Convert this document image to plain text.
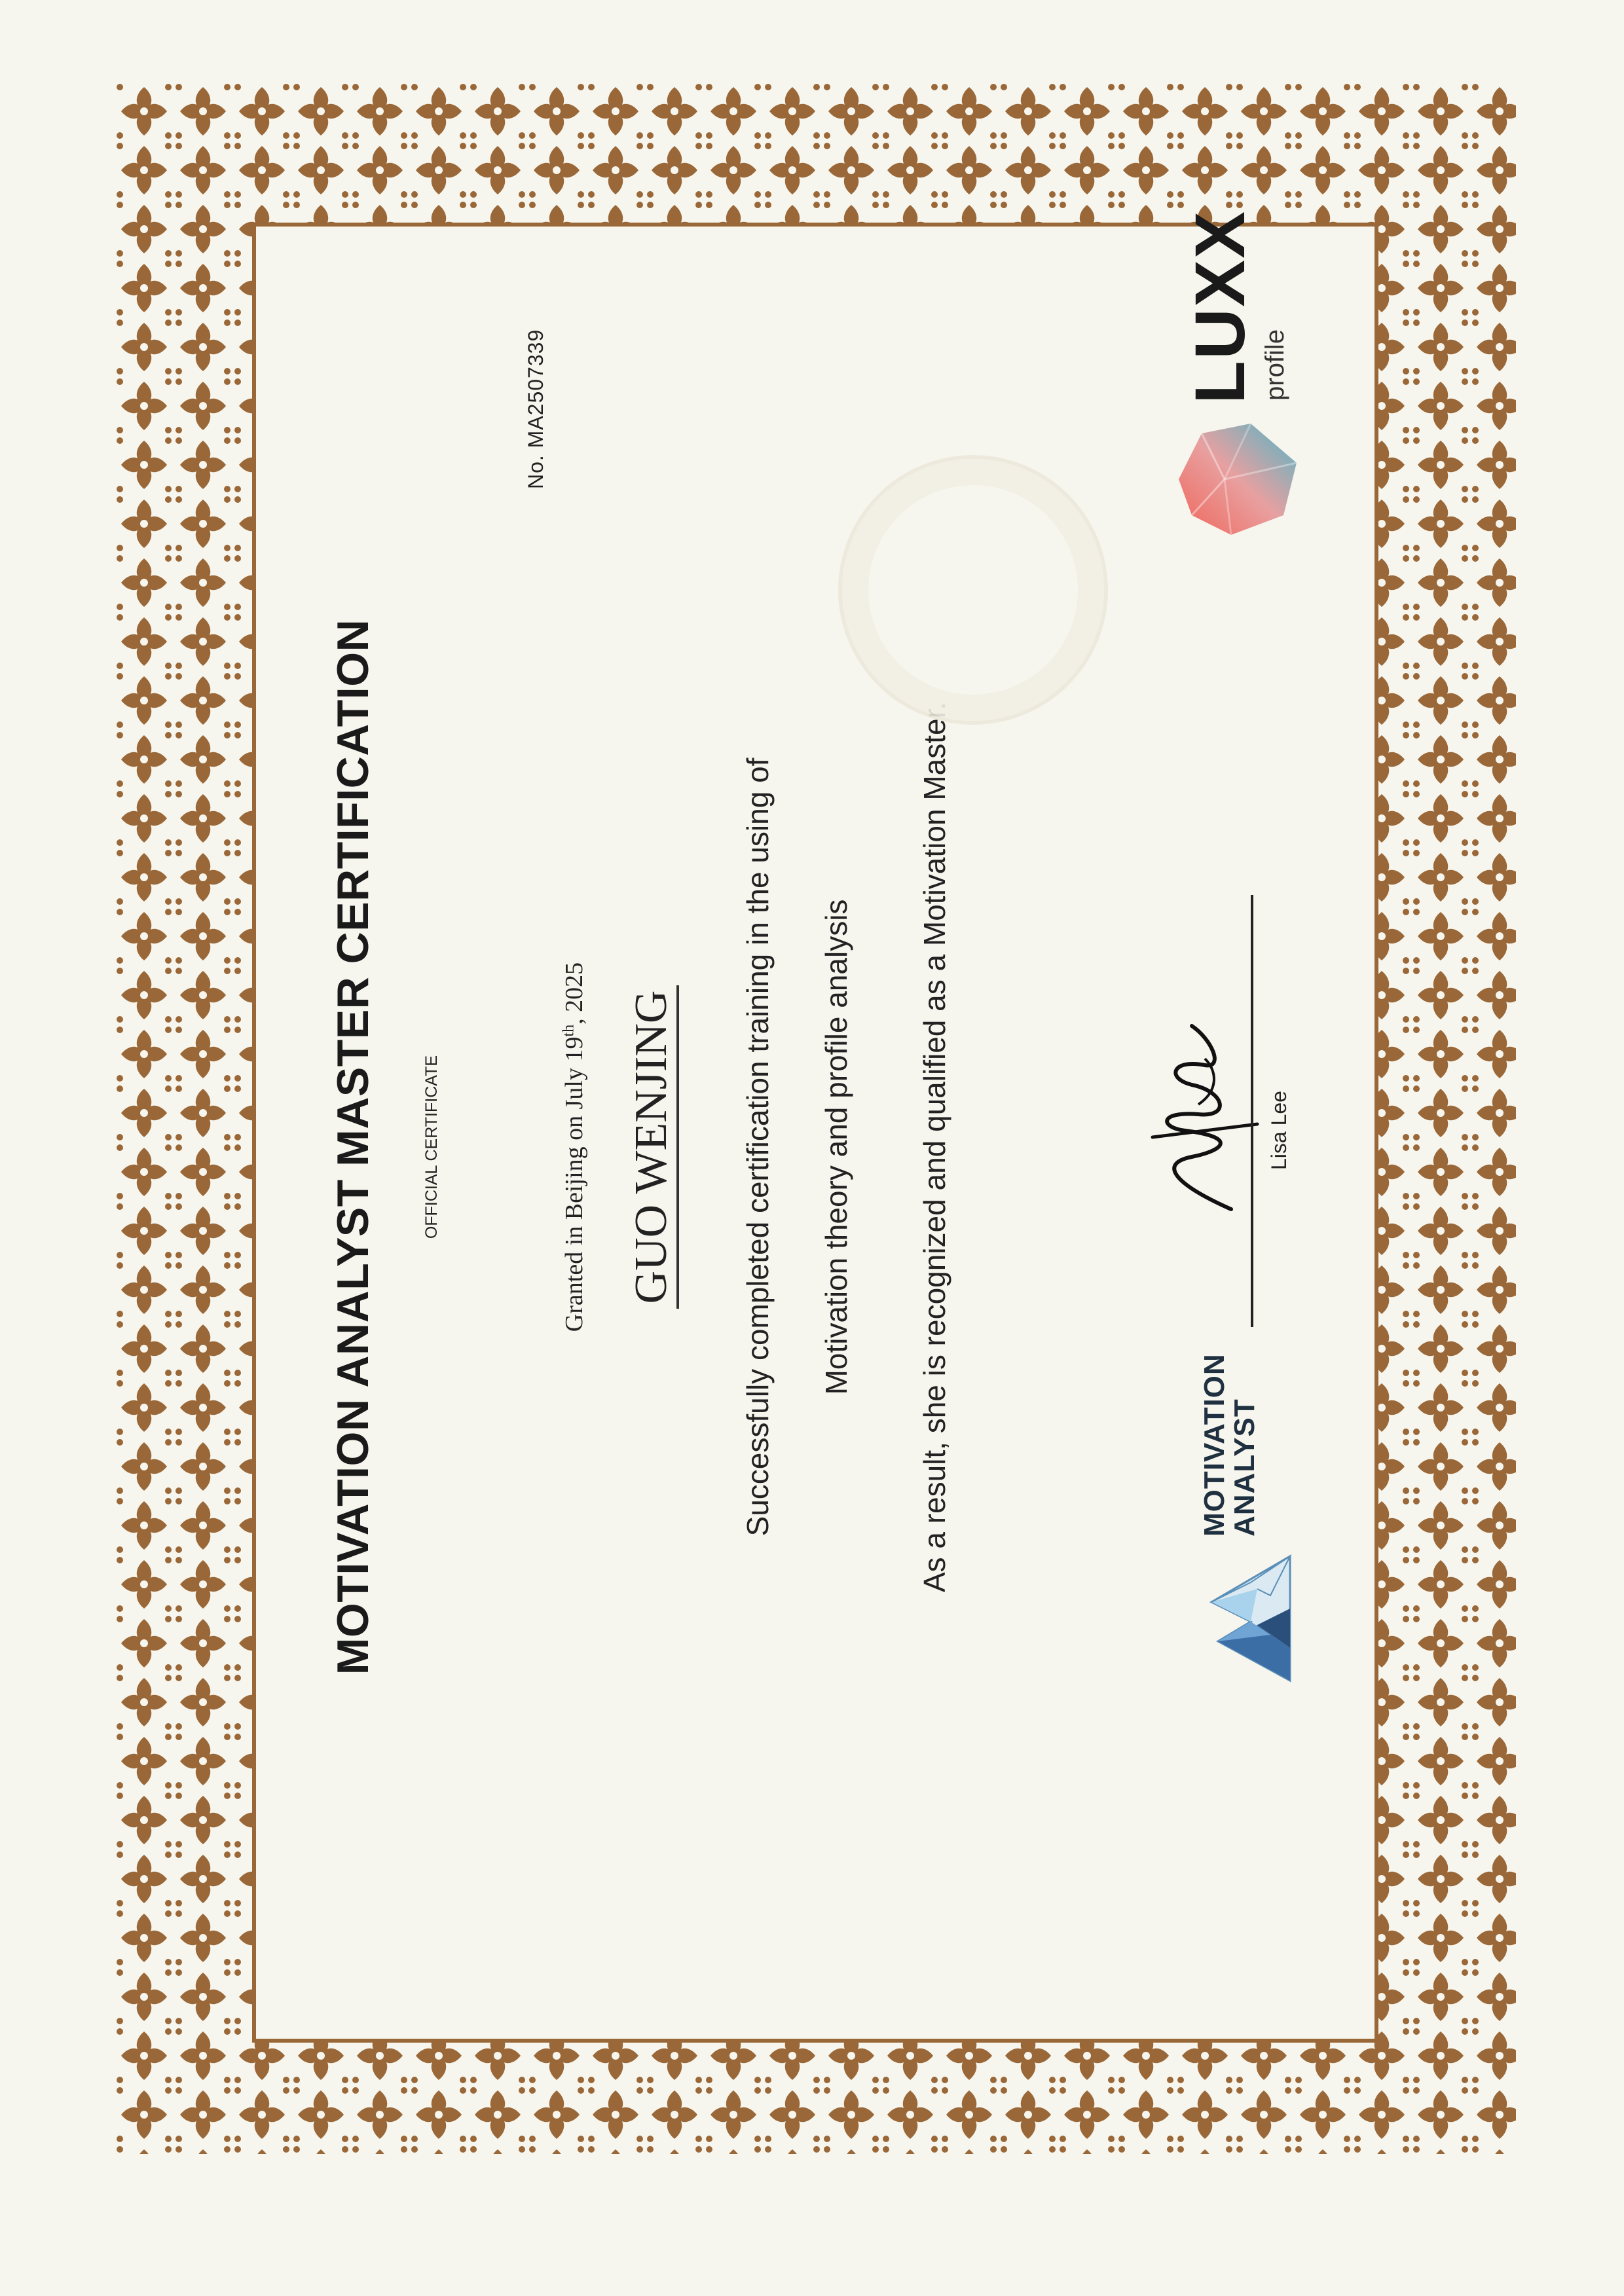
MOTIVATION ANALYST MASTER CERTIFICATION	OFFICIAL CERTIFICATE
No. MA2507339
Granted in Beijing on July 19th, 2025 GUO WENJING Successfully completed certification training in the using of Motivation theory and profile analysis As a result, she is recognized and qualified as a Motivation Master.	MOTIVATION
ANALYST
Lisa Lee
LUXX profile
